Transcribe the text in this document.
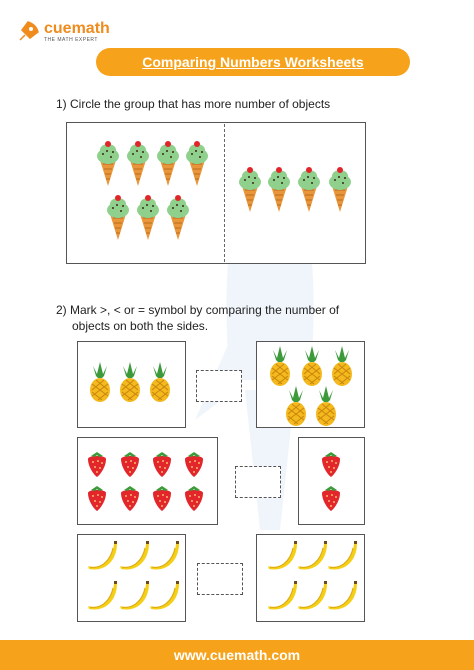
cuemath
THE MATH EXPERT
Comparing Numbers Worksheets
1) Circle the group that has more number of objects
2) Mark >, < or = symbol by comparing the number of
objects on both the sides.
www.cuemath.com
